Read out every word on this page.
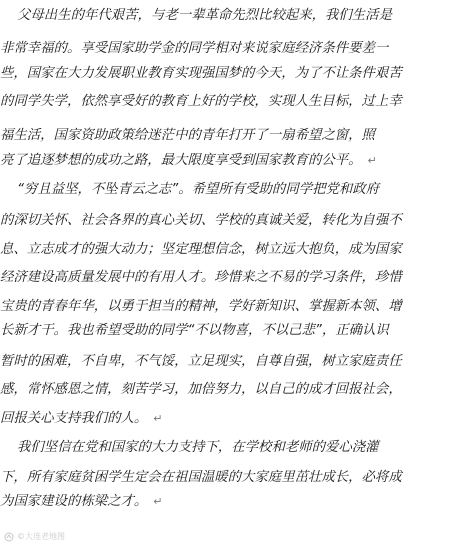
父母出生的年代艰苦，与老一辈革命先烈比较起来，我们生活是
非常幸福的。享受国家助学金的同学相对来说家庭经济条件要差一
些，国家在大力发展职业教育实现强国梦的今天，为了不让条件艰苦
的同学失学，依然享受好的教育上好的学校，实现人生目标，过上幸
福生活，国家资助政策给迷茫中的青年打开了一扇希望之窗，照
亮了追逐梦想的成功之路，最大限度享受到国家教育的公平。 ↵
“穷且益坚，不坠青云之志”。希望所有受助的同学把党和政府
的深切关怀、社会各界的真心关切、学校的真诚关爱，转化为自强不
息、立志成才的强大动力；坚定理想信念，树立远大抱负，成为国家
经济建设高质量发展中的有用人才。珍惜来之不易的学习条件，珍惜
宝贵的青春年华，以勇于担当的精神，学好新知识、掌握新本领、增
长新才干。我也希望受助的同学“不以物喜，不以己悲”，正确认识
暂时的困难，不自卑，不气馁，立足现实，自尊自强，树立家庭责任
感，常怀感恩之情，刻苦学习，加倍努力，以自己的成才回报社会，
回报关心支持我们的人。 ↵
我们坚信在党和国家的大力支持下，在学校和老师的爱心浇灌
下，所有家庭贫困学生定会在祖国温暖的大家庭里茁壮成长，必将成
为国家建设的栋梁之才。 ↵
©大连老地图
